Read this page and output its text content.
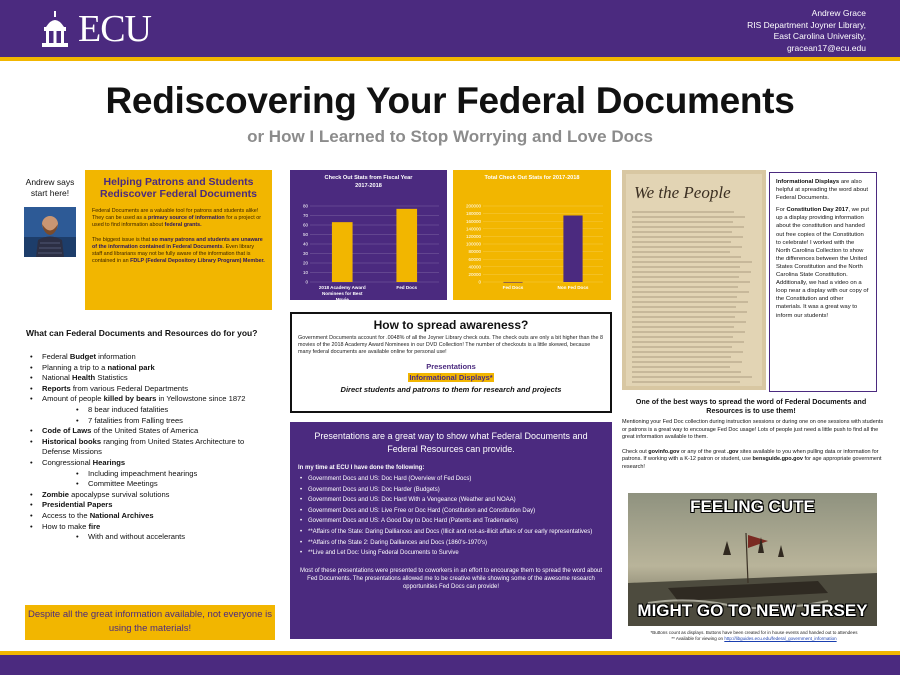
ECU	Andrew Grace
RIS Department Joyner Library,
East Carolina University,
gracean17@ecu.edu
Rediscovering Your Federal Documents
or How I Learned to Stop Worrying and Love Docs
Andrew says start here!
Helping Patrons and Students Rediscover Federal Documents

Federal Documents are a valuable tool for patrons and students alike! They can be used as a primary source of information for a project or used to find information about federal grants.

The biggest issue is that so many patrons and students are unaware of the information contained in Federal Documents. Even library staff and librarians may not be fully aware of the information that is contained in an FDLP (Federal Depository Library Program) Member.

What can Federal Documents and Resources do for you?
• Federal Budget information
• Planning a trip to a national park
• National Health Statistics
• Reports from various Federal Departments
• Amount of people killed by bears in Yellowstone since 1872
• 8 bear induced fatalities
• 7 fatalities from Falling trees
• Code of Laws of the United States of America
• Historical books ranging from United States Architecture to Defense Missions
• Congressional Hearings
• Including impeachment hearings
• Committee Meetings
• Zombie apocalypse survival solutions
• Presidential Papers
• Access to the National Archives
• How to make fire
• With and without accelerants
Despite all the great information available, not everyone is using the materials!
Check Out Stats from Fiscal Year
2017-2018
0
10
20
30
40
50
60
70
80
2018 Academy Award
Nominees for Best
Movie
Fed Docs
Total Check Out Stats for 2017-2018
0
20000
40000
60000
80000
100000
120000
140000
160000
180000
200000
Fed Docs	Non Fed Docs
How to spread awareness?
Government Documents account for .0048% of all the Joyner Library check outs. The check outs are only a bit higher than the 8 movies of the 2018 Academy Award Nominees in our DVD Collection! The number of checkouts is a little skewed, because many federal documents are available online for personal use!
Presentations
Informational Displays*
Direct students and patrons to them for research and projects
Presentations are a great way to show what Federal Documents and Federal Resources can provide.
In my time at ECU I have done the following:
• Government Docs and US: Doc Hard (Overview of Fed Docs)
• Government Docs and US: Doc Harder (Budgets)
• Government Docs and US: Doc Hard With a Vengeance (Weather and NOAA)
• Government Docs and US: Live Free or Doc Hard (Constitution and Constitution Day)
• Government Docs and US: A Good Day to Doc Hard (Patents and Trademarks)
• **Affairs of the State: Daring Dalliances and Docs (Illicit and not-as-illicit affairs of our early representatives)
• **Affairs of the State 2: Daring Dalliances and Docs (1860's-1970's)
• **Live and Let Doc: Using Federal Documents to Survive
Most of these presentations were presented to coworkers in an effort to encourage them to spread the word about Fed Documents. The presentations allowed me to be creative while showing some of the awesome research opportunities Fed Docs can provide!
We the People

Informational Displays are also helpful at spreading the word about Federal Documents.

For Constitution Day 2017, we put up a display providing information about the constitution and handed out free copies of the Constitution to celebrate! I worked with the North Carolina Collection to show the differences between the United States Constitution and the North Carolina State Constitution. Additionally, we had a video on a loop near a display with our copy of the Constitution and other materials. It was a great way to inform our students!

One of the best ways to spread the word of Federal Documents and Resources is to use them!

Mentioning your Fed Doc collection during instruction sessions or during one on one sessions with students or patrons is a great way to encourage Fed Doc usage! Lots of people just need a little push to find all the great information available to them.

Check out govinfo.gov or any of the great .gov sites available to you when pulling data or information for patrons. If working with a K-12 patron or student, use bensguide.gpo.gov for age appropriate government research!

FEELING CUTE
MIGHT GO TO NEW JERSEY
*Buttons count as displays. Buttons have been created for in house events and handed out to attendees
** Available for viewing on http://libguides.ecu.edu/federal_government_information
